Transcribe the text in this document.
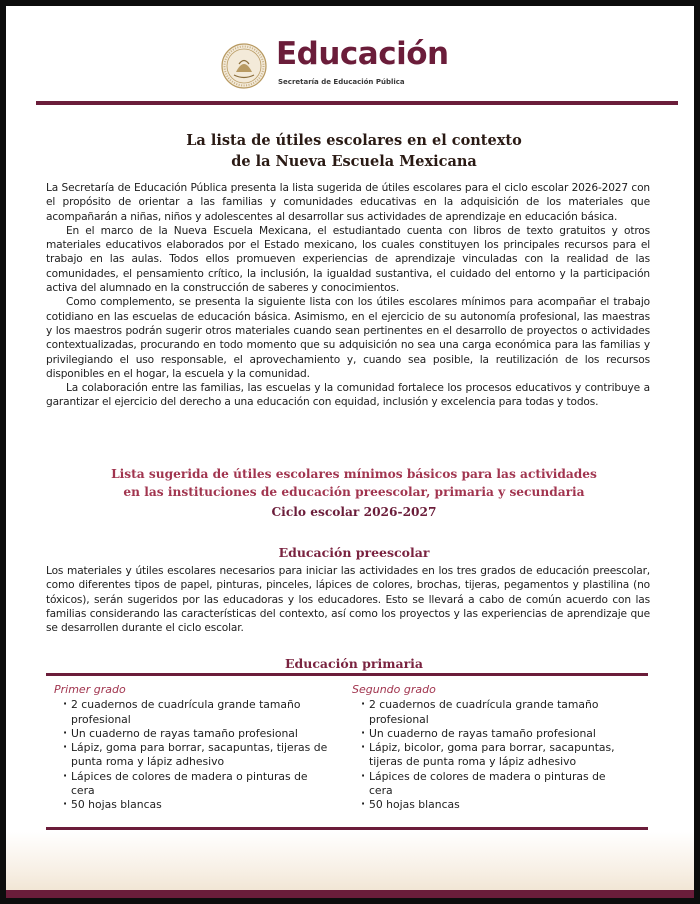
Educación
Secretaría de Educación Pública
La lista de útiles escolares en el contexto
de la Nueva Escuela Mexicana

La Secretaría de Educación Pública presenta la lista sugerida de útiles escolares para el ciclo escolar 2026-2027 con el propósito de orientar a las familias y comunidades educativas en la adquisición de los materiales que acompañarán a niñas, niños y adolescentes al desarrollar sus actividades de aprendizaje en educación básica.

En el marco de la Nueva Escuela Mexicana, el estudiantado cuenta con libros de texto gratuitos y otros materiales educativos elaborados por el Estado mexicano, los cuales constituyen los principales recursos para el trabajo en las aulas. Todos ellos promueven experiencias de aprendizaje vinculadas con la realidad de las comunidades, el pensamiento crítico, la inclusión, la igualdad sustantiva, el cuidado del entorno y la participación activa del alumnado en la construcción de saberes y conocimientos.

Como complemento, se presenta la siguiente lista con los útiles escolares mínimos para acompañar el trabajo cotidiano en las escuelas de educación básica. Asimismo, en el ejercicio de su autonomía profesional, las maestras y los maestros podrán sugerir otros materiales cuando sean pertinentes en el desarrollo de proyectos o actividades contextualizadas, procurando en todo momento que su adquisición no sea una carga económica para las familias y privilegiando el uso responsable, el aprovechamiento y, cuando sea posible, la reutilización de los recursos disponibles en el hogar, la escuela y la comunidad.

La colaboración entre las familias, las escuelas y la comunidad fortalece los procesos educativos y contribuye a garantizar el ejercicio del derecho a una educación con equidad, inclusión y excelencia para todas y todos.

Lista sugerida de útiles escolares mínimos básicos para las actividades
en las instituciones de educación preescolar, primaria y secundaria
Ciclo escolar 2026-2027
Educación preescolar
Los materiales y útiles escolares necesarios para iniciar las actividades en los tres grados de educación preescolar, como diferentes tipos de papel, pinturas, pinceles, lápices de colores, brochas, tijeras, pegamentos y plastilina (no tóxicos), serán sugeridos por las educadoras y los educadores. Esto se llevará a cabo de común acuerdo con las familias considerando las características del contexto, así como los proyectos y las experiencias de aprendizaje que se desarrollen durante el ciclo escolar.
Educación primaria
Primer grado
· 2 cuadernos de cuadrícula grande tamaño profesional
· Un cuaderno de rayas tamaño profesional
· Lápiz, goma para borrar, sacapuntas, tijeras de punta roma y lápiz adhesivo
· Lápices de colores de madera o pinturas de cera
· 50 hojas blancas
Segundo grado
· 2 cuadernos de cuadrícula grande tamaño profesional
· Un cuaderno de rayas tamaño profesional
· Lápiz, bicolor, goma para borrar, sacapuntas, tijeras de punta roma y lápiz adhesivo
· Lápices de colores de madera o pinturas de cera
· 50 hojas blancas
